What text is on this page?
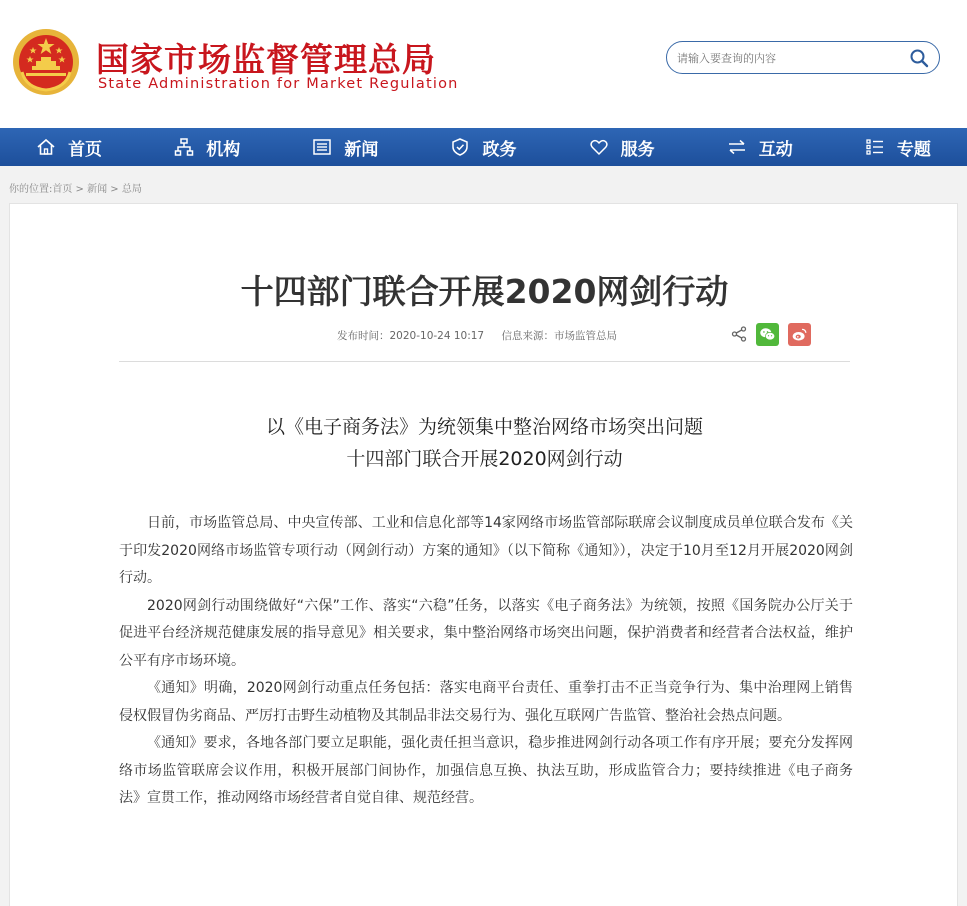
国家市场监督管理总局
State Administration for Market Regulation
请输入要查询的内容
首页	机构	新闻	政务	服务	互动	专题
你的位置:首页 > 新闻 > 总局
十四部门联合开展2020网剑行动
发布时间：2020-10-24 10:17 信息来源：市场监管总局
以《电子商务法》为统领集中整治网络市场突出问题
十四部门联合开展2020网剑行动

日前，市场监管总局、中央宣传部、工业和信息化部等14家网络市场监管部际联席会议制度成员单位联合发布《关于印发2020网络市场监管专项行动（网剑行动）方案的通知》（以下简称《通知》），决定于10月至12月开展2020网剑行动。

2020网剑行动围绕做好“六保”工作、落实“六稳”任务，以落实《电子商务法》为统领，按照《国务院办公厅关于促进平台经济规范健康发展的指导意见》相关要求，集中整治网络市场突出问题，保护消费者和经营者合法权益，维护公平有序市场环境。

《通知》明确，2020网剑行动重点任务包括：落实电商平台责任、重拳打击不正当竞争行为、集中治理网上销售侵权假冒伪劣商品、严厉打击野生动植物及其制品非法交易行为、强化互联网广告监管、整治社会热点问题。

《通知》要求，各地各部门要立足职能，强化责任担当意识，稳步推进网剑行动各项工作有序开展；要充分发挥网络市场监管联席会议作用，积极开展部门间协作，加强信息互换、执法互助，形成监管合力；要持续推进《电子商务法》宣贯工作，推动网络市场经营者自觉自律、规范经营。
